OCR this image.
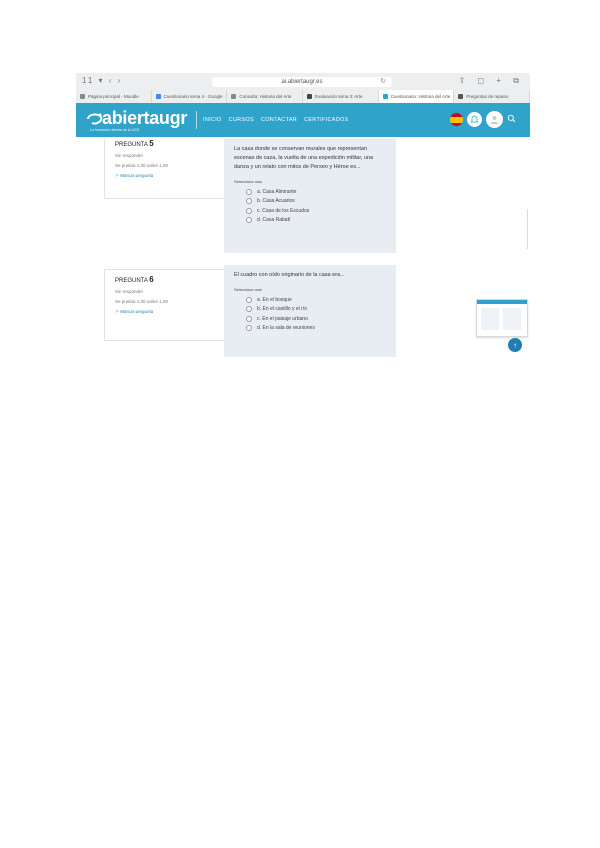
11 ▾ ‹ ›	ai.abiertaugr.es	↻	⇧ ◻ + ⧉
Página principal - Moodle	Cuestionario tema 4 - Google	Consulta: Historia del Arte	Evaluación tema 3: Arte	Cuestionario: Historia del Arte	Preguntas de repaso
abiertaugr
La formación abierta de la UGR
INICIO CURSOS CONTACTAR CERTIFICADOS
PREGUNTA 5
Sin responder
Se puntúa 1,00 sobre 1,00
⚐ Marcar pregunta
La casa donde se conservan murales que representan escenas de caza, la vuelta de una expedición militar, una danza y un relato con mitos de Perseo y Héroe es...
Seleccione una:
a. Casa Almirante
b. Casa Acuarios
c. Casa de los Escudos
d. Casa Rabatí
PREGUNTA 6
Sin responder
Se puntúa 1,00 sobre 1,00
⚐ Marcar pregunta
El cuadro con oído originario de la casa era...
Seleccione una:
a. En el bosque
b. En el castillo y el río
c. En el paisaje urbano
d. En la sala de reuniones
↑
